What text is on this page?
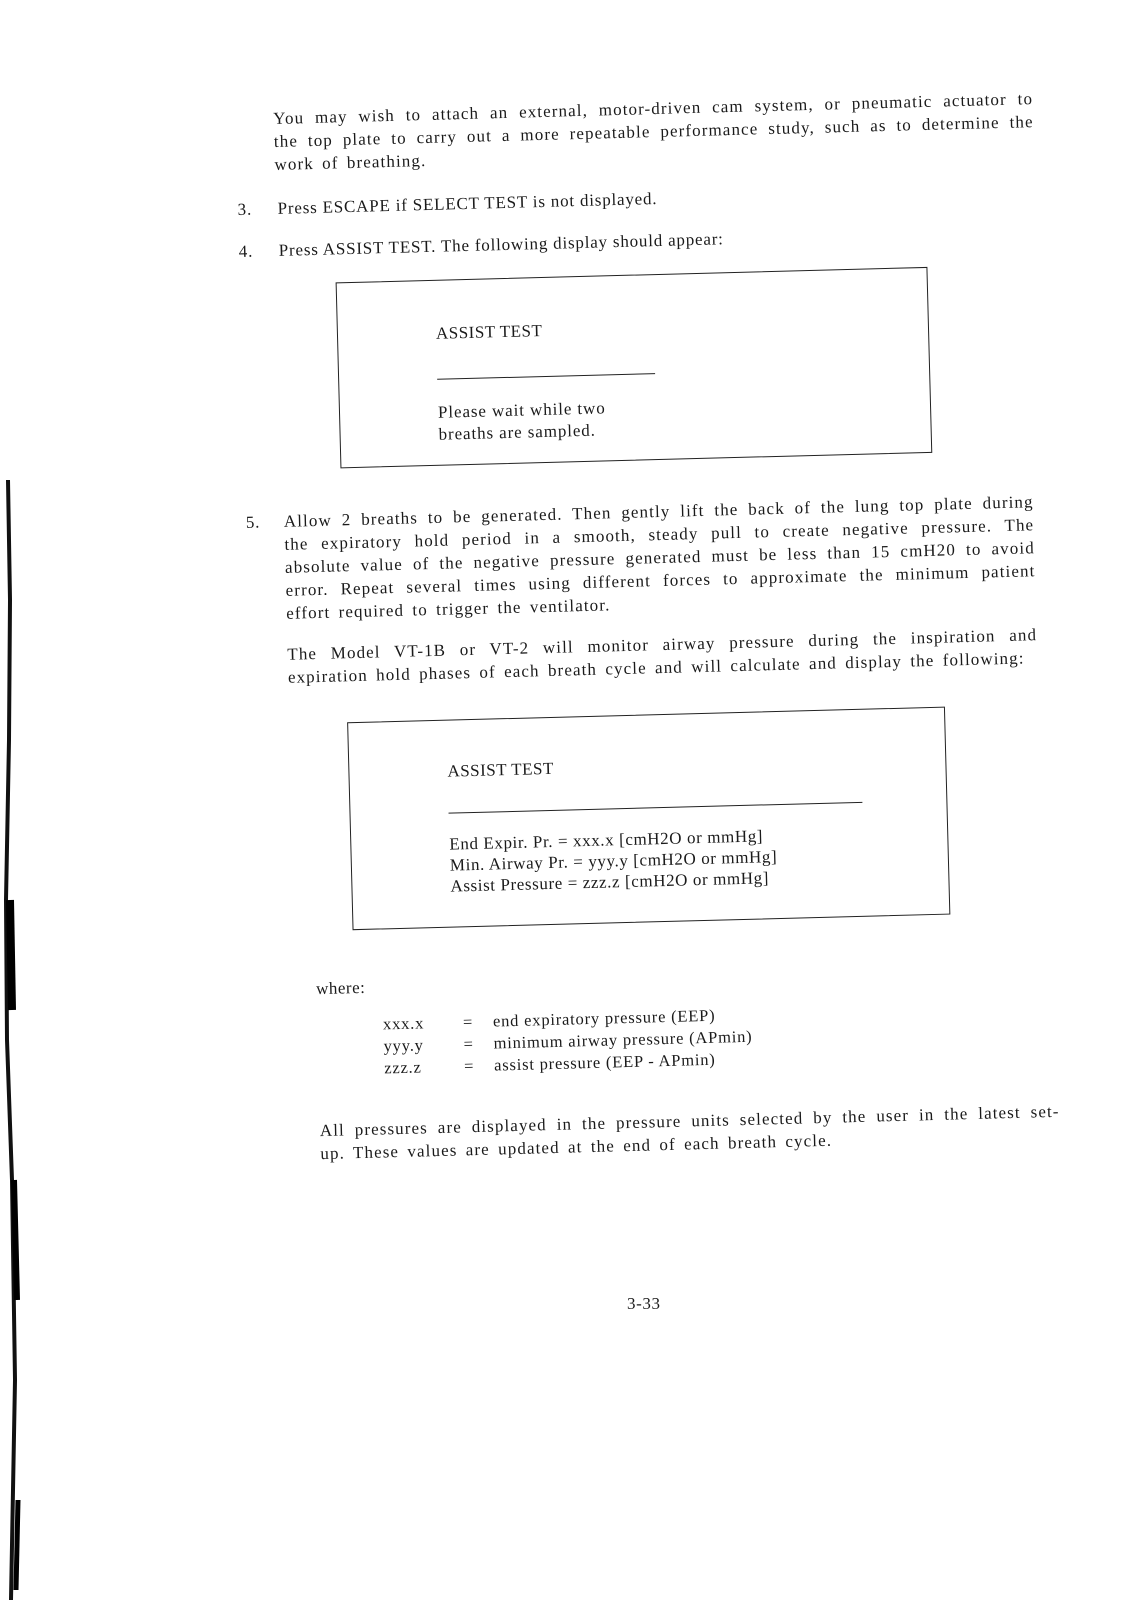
You may wish to attach an external, motor-driven cam system, or pneumatic actuator to the top plate to carry out a more repeatable performance study, such as to determine the work of breathing.

3.	Press ESCAPE if SELECT TEST is not displayed.
4.	Press ASSIST TEST. The following display should appear:
ASSIST TEST
Please wait while two
breaths are sampled.
5.	Allow 2 breaths to be generated. Then gently lift the back of the lung top plate during the expiratory hold period in a smooth, steady pull to create negative pressure. The absolute value of the negative pressure generated must be less than 15 cmH20 to avoid error. Repeat several times using different forces to approximate the minimum patient effort required to trigger the ventilator.

The Model VT-1B or VT-2 will monitor airway pressure during the inspiration and expiration hold phases of each breath cycle and will calculate and display the following:

ASSIST TEST
End Expir. Pr. = xxx.x [cmH2O or mmHg]
Min. Airway Pr. = yyy.y [cmH2O or mmHg]
Assist Pressure = zzz.z [cmH2O or mmHg]
where:
xxx.x	=	end expiratory pressure (EEP)
yyy.y	=	minimum airway pressure (APmin)
zzz.z	=	assist pressure (EEP - APmin)

All pressures are displayed in the pressure units selected by the user in the latest set-up. These values are updated at the end of each breath cycle.

3-33
